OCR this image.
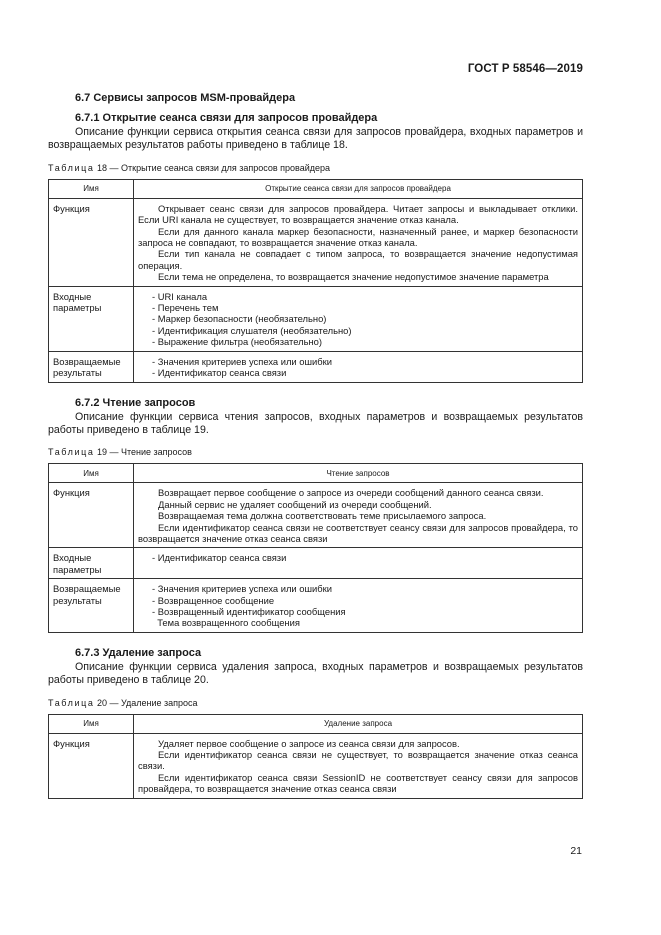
ГОСТ Р 58546—2019
6.7 Сервисы запросов MSM-провайдера
6.7.1 Открытие сеанса связи для запросов провайдера
Описание функции сервиса открытия сеанса связи для запросов провайдера, входных параметров и возвращаемых результатов работы приведено в таблице 18.
Таблица 18 — Открытие сеанса связи для запросов провайдера
Имя	Открытие сеанса связи для запросов провайдера
Функция	Открывает сеанс связи для запросов провайдера. Читает запросы и выкладывает отклики. Если URI канала не существует, то возвращается значение отказ канала.
Если для данного канала маркер безопасности, назначенный ранее, и маркер безопасности запроса не совпадают, то возвращается значение отказ канала.
Если тип канала не совпадает с типом запроса, то возвращается значение недопустимая операция.
Если тема не определена, то возвращается значение недопустимое значение параметра

Входные параметры	- URI канала
- Перечень тем
- Маркер безопасности (необязательно)
- Идентификация слушателя (необязательно)
- Выражение фильтра (необязательно)

Возвращаемые результаты	- Значения критериев успеха или ошибки
- Идентификатор сеанса связи
6.7.2 Чтение запросов
Описание функции сервиса чтения запросов, входных параметров и возвращаемых результатов работы приведено в таблице 19.
Таблица 19 — Чтение запросов
Имя	Чтение запросов
Функция	Возвращает первое сообщение о запросе из очереди сообщений данного сеанса связи.
Данный сервис не удаляет сообщений из очереди сообщений.
Возвращаемая тема должна соответствовать теме присылаемого запроса.
Если идентификатор сеанса связи не соответствует сеансу связи для запросов провайдера, то возвращается значение отказ сеанса связи

Входные параметры	- Идентификатор сеанса связи

Возвращаемые результаты	- Значения критериев успеха или ошибки
- Возвращенное сообщение
- Возвращенный идентификатор сообщения
Тема возвращенного сообщения
6.7.3 Удаление запроса
Описание функции сервиса удаления запроса, входных параметров и возвращаемых результатов работы приведено в таблице 20.
Таблица 20 — Удаление запроса
Имя	Удаление запроса
Функция	Удаляет первое сообщение о запросе из сеанса связи для запросов.
Если идентификатор сеанса связи не существует, то возвращается значение отказ сеанса связи.
Если идентификатор сеанса связи SessionID не соответствует сеансу связи для запросов провайдера, то возвращается значение отказ сеанса связи
21
